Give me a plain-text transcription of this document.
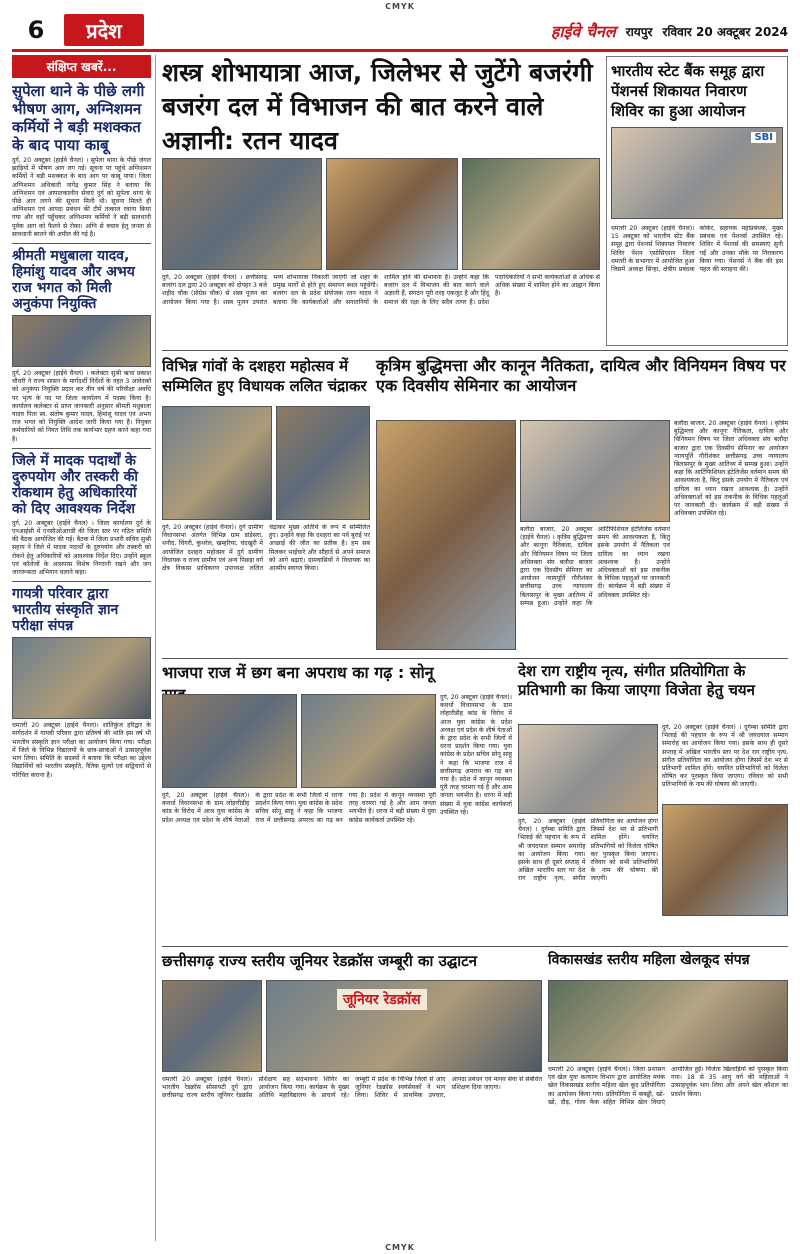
CMYK
6	प्रदेश	हाईवे चैनल रायपुर रविवार 20 अक्टूबर 2024
संक्षिप्त खबरें...
सुपेला थाने के पीछे लगी भीषण आग, अग्निशमन कर्मियों ने बड़ी मशक्कत के बाद पाया काबू
दुर्ग, 20 अक्टूबर (हाईवे चैनल) । सुपेला थाना के पीछे जंगल झाड़ियों में भीषण आग लग गई। सूचना पर पहुंचे अग्निशमन कर्मियों ने बड़ी मशक्कत के बाद आग पर काबू पाया। जिला अग्निशमन अधिकारी नागेंद्र कुमार सिंह ने बताया कि अग्निशमन एवं आपातकालीन सेवाएं दुर्ग को सुपेला थाना के पीछे आग लगने की सूचना मिली थी। सूचना मिलते ही अग्निशमन एवं आपदा प्रबंधन की टीमें तत्काल रवाना किया गया और वहाँ पहुँचकर अग्निशमन कर्मियों ने बड़ी सावधानी पूर्वक आग को फैलने से रोका। अग्नि से बचाव हेतु जनता से सावधानी बरतने की अपील की गई है।
श्रीमती मधुबाला यादव, हिमांशु यादव और अभय राज भगत को मिली अनुकंपा नियुक्ति
दुर्ग, 20 अक्टूबर (हाईवे चैनल) । कलेक्टर सुश्री ऋचा प्रकाश चौधरी ने राज्य शासन के मार्गदर्शी निर्देशों के तहत 3 आवेदकों को अनुकंपा नियुक्ति प्रदान कर तीन वर्ष की परिवीक्षा अवधि पर भृत्य के पद पर जिला कार्यालय में पदस्थ किया है। कार्यालय कलेक्टर से प्राप्त जानकारी अनुसार श्रीमती मधुबाला यादव पिता स्व. संतोष कुमार यादव, हिमांशु यादव एवं अभय राज भगत को नियुक्ति आदेश जारी किया गया है। नियुक्त कर्मचारियों को नियत तिथि तक कार्यभार ग्रहण करने कहा गया है।
जिले में मादक पदार्थों के दुरुपयोग और तस्करी की रोकथाम हेतु अधिकारियों को दिए आवश्यक निर्देश
दुर्ग, 20 अक्टूबर (हाईवे चैनल) । जिला कार्यालय दुर्ग के एनआईसी में एनसीओआरडी की जिला स्तर पर गठित समिति की बैठक आयोजित की गई। बैठक में जिला प्रभारी सचिव सुश्री सहाय ने जिले में मादक पदार्थों के दुरुपयोग और तस्करी को रोकने हेतु अधिकारियों को आवश्यक निर्देश दिए। उन्होंने स्कूल एवं कॉलेजों के आसपास विशेष निगरानी रखने और जन जागरूकता अभियान चलाने कहा।
गायत्री परिवार द्वारा भारतीय संस्कृति ज्ञान परीक्षा संपन्न
धमतरी 20 अक्टूबर (हाईवे चैनल)। शांतिकुंज हरिद्वार के मार्गदर्शन में गायत्री परिवार द्वारा प्रतिवर्ष की भांति इस वर्ष भी भारतीय संस्कृति ज्ञान परीक्षा का आयोजन किया गया। परीक्षा में जिले के विभिन्न विद्यालयों के छात्र-छात्राओं ने उत्साहपूर्वक भाग लिया। समिति के सदस्यों ने बताया कि परीक्षा का उद्देश्य विद्यार्थियों को भारतीय संस्कृति, नैतिक मूल्यों एवं सद्विचारों से परिचित कराना है।
शस्त्र शोभायात्रा आज, जिलेभर से जुटेंगे बजरंगी बजरंग दल में विभाजन की बात करने वाले अज्ञानी: रतन यादव
दुर्ग, 20 अक्टूबर (हाईवे चैनल) । छत्तीसगढ़ बजरंग दल द्वारा 20 अक्टूबर को दोपहर 3 बजे शहीद चौक (प्रोग्रेस चौक) से शस्त्र पूजन का आयोजन किया गया है। शस्त्र पूजन उपरांत भव्य शोभायात्रा निकाली जाएगी जो शहर के प्रमुख मार्गों से होते हुए समापन स्थल पहुंचेगी। बजरंग दल के प्रदेश संयोजक रतन यादव ने बताया कि कार्यकर्ताओं और सनातनियों के शामिल होने की संभावना है। उन्होंने कहा कि बजरंग दल में विभाजन की बात करने वाले अज्ञानी हैं, संगठन पूरी तरह एकजुट है और हिंदू समाज की रक्षा के लिए सदैव तत्पर है। प्रदेश पदाधिकारियों ने सभी कार्यकर्ताओं से अधिक से अधिक संख्या में शामिल होने का आह्वान किया है।
भारतीय स्टेट बैंक समूह द्वारा पेंशनर्स शिकायत निवारण शिविर का हुआ आयोजन
SBI
धमतरी 20 अक्टूबर (हाईवे चैनल)। 15 अक्टूबर को भारतीय स्टेट बैंक समूह द्वारा पेंशनर्स शिकायत निवारण शिविर पेंशन एसोसिएशन जिला धमतरी के सभागार में आयोजित हुआ जिसमें अध्यक्ष सिन्हा, क्षेत्रीय प्रबंधक कोकेर, सहायक महाप्रबंधक, मुख्य प्रबंधक एवं पेंशनर्स उपस्थित रहे। शिविर में पेंशनर्स की समस्याएं सुनी गईं और उनका मौके पर निराकरण किया गया। पेंशनर्स ने बैंक की इस पहल की सराहना की।
विभिन्न गांवों के दशहरा महोत्सव में सम्मिलित हुए विधायक ललित चंद्राकर
दुर्ग, 20 अक्टूबर (हाईवे चैनल)। दुर्ग ग्रामीण विधानसभा अंतर्गत विभिन्न ग्राम डांडेसरा, थनौद, चिंगरी, कुथरेल, खम्हरिया, चंदखुरी में आयोजित दशहरा महोत्सव में दुर्ग ग्रामीण विधायक व राज्य ग्रामीण एवं अन्य पिछड़ा वर्ग क्षेत्र विकास प्राधिकरण उपाध्यक्ष ललित चंद्राकर मुख्य अतिथि के रूप में सम्मिलित हुए। उन्होंने कहा कि दशहरा का पर्व बुराई पर अच्छाई की जीत का प्रतीक है। हम सब मिलकर भाईचारे और सौहार्द से अपने समाज को आगे बढ़ाएं। ग्रामवासियों ने विधायक का आत्मीय स्वागत किया।
कृत्रिम बुद्धिमत्ता और कानून नैतिकता, दायित्व और विनियमन विषय पर एक दिवसीय सेमिनार का आयोजन
बलौदा बाजार, 20 अक्टूबर (हाईवे चैनल) । कृत्रिम बुद्धिमत्ता और कानूनः नैतिकता, दायित्व और विनियमन विषय पर जिला अधिवक्ता संघ बलौदा बाजार द्वारा एक दिवसीय सेमिनार का आयोजन न्यायपूर्ति गौरीशंकर छत्तीसगढ़ उच्च न्यायालय बिलासपुर के मुख्य आतिथ्य में सम्पन्न हुआ। उन्होंने कहा कि आर्टिफिशियल इंटेलिजेंस वर्तमान समय की आवश्यकता है, किंतु इसके उपयोग में नैतिकता एवं दायित्व का ध्यान रखना आवश्यक है। उन्होंने अधिवक्ताओं को इस तकनीक के विधिक पहलुओं पर जानकारी दी। कार्यक्रम में बड़ी संख्या में अधिवक्ता उपस्थित रहे।
बलौदा बाजार, 20 अक्टूबर (हाईवे चैनल) । कृत्रिम बुद्धिमत्ता और कानूनः नैतिकता, दायित्व और विनियमन विषय पर जिला अधिवक्ता संघ बलौदा बाजार द्वारा एक दिवसीय सेमिनार का आयोजन न्यायपूर्ति गौरीशंकर छत्तीसगढ़ उच्च न्यायालय बिलासपुर के मुख्य आतिथ्य में सम्पन्न हुआ। उन्होंने कहा कि आर्टिफिशियल इंटेलिजेंस वर्तमान समय की आवश्यकता है, किंतु इसके उपयोग में नैतिकता एवं दायित्व का ध्यान रखना आवश्यक है। उन्होंने अधिवक्ताओं को इस तकनीक के विधिक पहलुओं पर जानकारी दी। कार्यक्रम में बड़ी संख्या में अधिवक्ता उपस्थित रहे।
भाजपा राज में छग बना अपराध का गढ़ : सोनू
दुर्ग, 20 अक्टूबर (हाईवे चैनल)। कवर्धा विधानसभा के ग्राम लोहारीडीह कांड के विरोध में आज युवा कांग्रेस के प्रदेश अध्यक्ष एवं प्रदेश के शीर्ष नेताओं के द्वारा प्रदेश के सभी जिलों में धरना प्रदर्शन किया गया। युवा कांग्रेस के प्रदेश सचिव सोनू साहू ने कहा कि भाजपा राज में छत्तीसगढ़ अपराध का गढ़ बन गया है। प्रदेश में कानून व्यवस्था पूरी तरह चरमरा गई है और आम जनता भयभीत है। धरना में बड़ी संख्या में युवा कांग्रेस कार्यकर्ता उपस्थित रहे।
दुर्ग, 20 अक्टूबर (हाईवे चैनल)। कवर्धा विधानसभा के ग्राम लोहारीडीह कांड के विरोध में आज युवा कांग्रेस के प्रदेश अध्यक्ष एवं प्रदेश के शीर्ष नेताओं के द्वारा प्रदेश के सभी जिलों में धरना प्रदर्शन किया गया। युवा कांग्रेस के प्रदेश सचिव सोनू साहू ने कहा कि भाजपा राज में छत्तीसगढ़ अपराध का गढ़ बन गया है। प्रदेश में कानून व्यवस्था पूरी तरह चरमरा गई है और आम जनता भयभीत है। धरना में बड़ी संख्या में युवा कांग्रेस कार्यकर्ता उपस्थित रहे।
देश राग राष्ट्रीय नृत्य, संगीत प्रतियोगिता के प्रतिभागी का किया जाएगा विजेता हेतु चयन
दुर्ग, 20 अक्टूबर (हाईवे चैनल) । दुर्गम्बा समिति द्वारा भिलाई की पहचान के रूप में श्री जयदयाल सम्मान समारोह का आयोजन किया गया। इसके साथ ही दूसरे सप्ताह में अखिल भारतीय स्तर पर देश राग राष्ट्रीय नृत्य, संगीत प्रतियोगिता का आयोजन होगा जिसमें देश भर से प्रतिभागी शामिल होंगे। चयनित प्रतिभागियों को विजेता घोषित कर पुरस्कृत किया जाएगा। रविवार को सभी प्रतिभागियों के नाम की घोषणा की जाएगी।
दुर्ग, 20 अक्टूबर (हाईवे चैनल) । दुर्गम्बा समिति द्वारा भिलाई की पहचान के रूप में श्री जयदयाल सम्मान समारोह का आयोजन किया गया। इसके साथ ही दूसरे सप्ताह में अखिल भारतीय स्तर पर देश राग राष्ट्रीय नृत्य, संगीत प्रतियोगिता का आयोजन होगा जिसमें देश भर से प्रतिभागी शामिल होंगे। चयनित प्रतिभागियों को विजेता घोषित कर पुरस्कृत किया जाएगा। रविवार को सभी प्रतिभागियों के नाम की घोषणा की जाएगी।
छत्तीसगढ़ राज्य स्तरीय जूनियर रेडक्रॉस जम्बूरी का उद्घाटन
जूनियर रेडक्रॉस
धमतरी 20 अक्टूबर (हाईवे चैनल)। भारतीय रेडक्रॉस सोसायटी दुर्ग द्वारा छत्तीसगढ़ राज्य स्तरीय जूनियर रेडक्रॉस प्रशिक्षण सह सदभावना शिविर का आयोजन किया गया। कार्यक्रम के मुख्य अतिथि महाविद्यालय के प्राचार्य रहे। जम्बूरी में प्रदेश के विभिन्न जिलों से आए जूनियर रेडक्रॉस स्वयंसेवकों ने भाग लिया। शिविर में प्राथमिक उपचार, आपदा प्रबंधन एवं मानव सेवा से संबंधित प्रशिक्षण दिया जाएगा।
विकासखंड स्तरीय महिला खेलकूद संपन्न
धमतरी 20 अक्टूबर (हाईवे चैनल)। जिला प्रशासन एवं खेल युवा कल्याण विभाग द्वारा आयोजित मयंक खेल विकासखंड स्तरीय महिला खेल कूद प्रतियोगिता का आयोजन किया गया। प्रतियोगिता में कबड्डी, खो-खो, दौड़, गोला फेंक सहित विभिन्न खेल विधाएं आयोजित हुईं। विजेता खिलाड़ियों को पुरस्कृत किया गया। 18 से 35 आयु वर्ग की महिलाओं ने उत्साहपूर्वक भाग लिया और अपने खेल कौशल का प्रदर्शन किया।
CMYK
